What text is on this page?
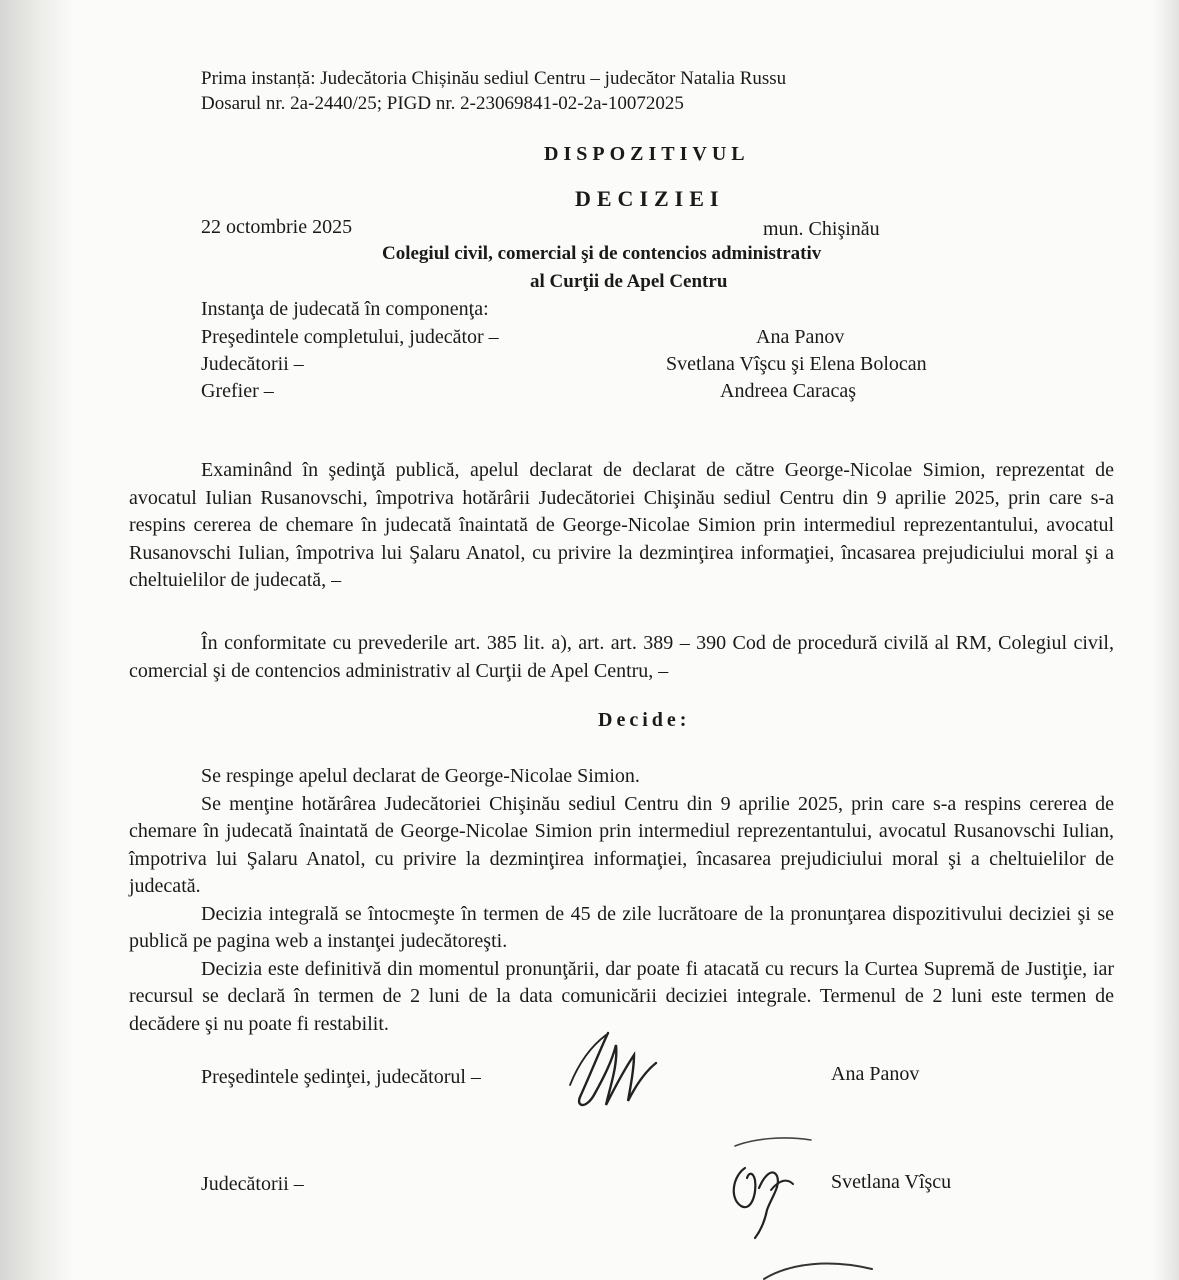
Prima instanță: Judecătoria Chișinău sediul Centru – judecător Natalia Russu
Dosarul nr. 2a-2440/25; PIGD nr. 2-23069841-02-2a-10072025
DISPOZITIVUL
DECIZIEI
22 octombrie 2025	mun. Chişinău
Colegiul civil, comercial şi de contencios administrativ
al Curţii de Apel Centru
Instanţa de judecată în componenţa:
Preşedintele completului, judecător –	Ana Panov
Judecătorii –	Svetlana Vîşcu şi Elena Bolocan
Grefier –	Andreea Caracaş

Examinând în şedinţă publică, apelul declarat de declarat de către George-Nicolae Simion, reprezentat de avocatul Iulian Rusanovschi, împotriva hotărârii Judecătoriei Chişinău sediul Centru din 9 aprilie 2025, prin care s-a respins cererea de chemare în judecată înaintată de George-Nicolae Simion prin intermediul reprezentantului, avocatul Rusanovschi Iulian, împotriva lui Şalaru Anatol, cu privire la dezminţirea informaţiei, încasarea prejudiciului moral şi a cheltuielilor de judecată, –

În conformitate cu prevederile art. 385 lit. a), art. art. 389 – 390 Cod de procedură civilă al RM, Colegiul civil, comercial şi de contencios administrativ al Curţii de Apel Centru, –

Decide:

Se respinge apelul declarat de George-Nicolae Simion.

Se menţine hotărârea Judecătoriei Chişinău sediul Centru din 9 aprilie 2025, prin care s-a respins cererea de chemare în judecată înaintată de George-Nicolae Simion prin intermediul reprezentantului, avocatul Rusanovschi Iulian, împotriva lui Şalaru Anatol, cu privire la dezminţirea informaţiei, încasarea prejudiciului moral şi a cheltuielilor de judecată.

Decizia integrală se întocmeşte în termen de 45 de zile lucrătoare de la pronunţarea dispozitivului deciziei şi se publică pe pagina web a instanţei judecătoreşti.

Decizia este definitivă din momentul pronunţării, dar poate fi atacată cu recurs la Curtea Supremă de Justiţie, iar recursul se declară în termen de 2 luni de la data comunicării deciziei integrale. Termenul de 2 luni este termen de decădere şi nu poate fi restabilit.

Preşedintele şedinţei, judecătorul –	Ana Panov
Judecătorii –	Svetlana Vîşcu
